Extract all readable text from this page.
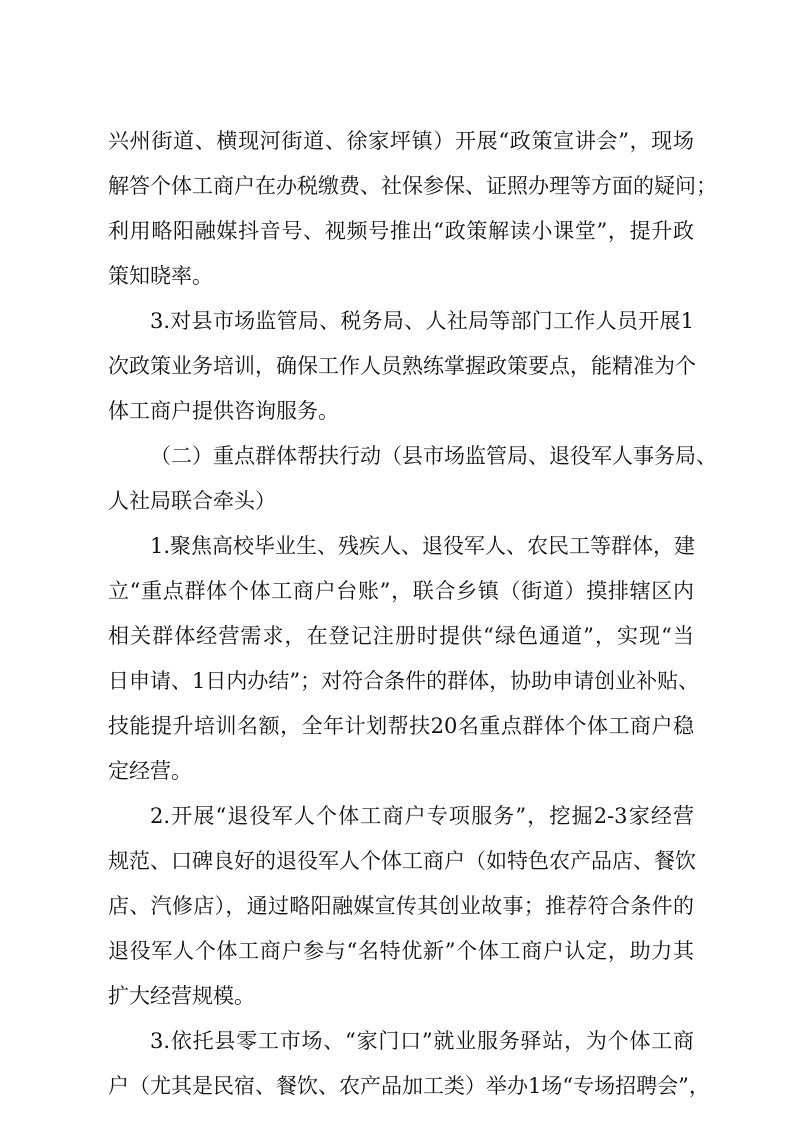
兴州街道、横现河街道、徐家坪镇）开展“政策宣讲会”，现场
解答个体工商户在办税缴费、社保参保、证照办理等方面的疑问；
利用略阳融媒抖音号、视频号推出“政策解读小课堂”，提升政
策知晓率。
3.对县市场监管局、税务局、人社局等部门工作人员开展1
次政策业务培训，确保工作人员熟练掌握政策要点，能精准为个
体工商户提供咨询服务。
（二）重点群体帮扶行动（县市场监管局、退役军人事务局、
人社局联合牵头）
1.聚焦高校毕业生、残疾人、退役军人、农民工等群体，建
立“重点群体个体工商户台账”，联合乡镇（街道）摸排辖区内
相关群体经营需求，在登记注册时提供“绿色通道”，实现“当
日申请、1日内办结”；对符合条件的群体，协助申请创业补贴、
技能提升培训名额，全年计划帮扶20名重点群体个体工商户稳
定经营。
2.开展“退役军人个体工商户专项服务”，挖掘2-3家经营
规范、口碑良好的退役军人个体工商户（如特色农产品店、餐饮
店、汽修店），通过略阳融媒宣传其创业故事；推荐符合条件的
退役军人个体工商户参与“名特优新”个体工商户认定，助力其
扩大经营规模。
3.依托县零工市场、“家门口”就业服务驿站，为个体工商
户（尤其是民宿、餐饮、农产品加工类）举办1场“专场招聘会”，
